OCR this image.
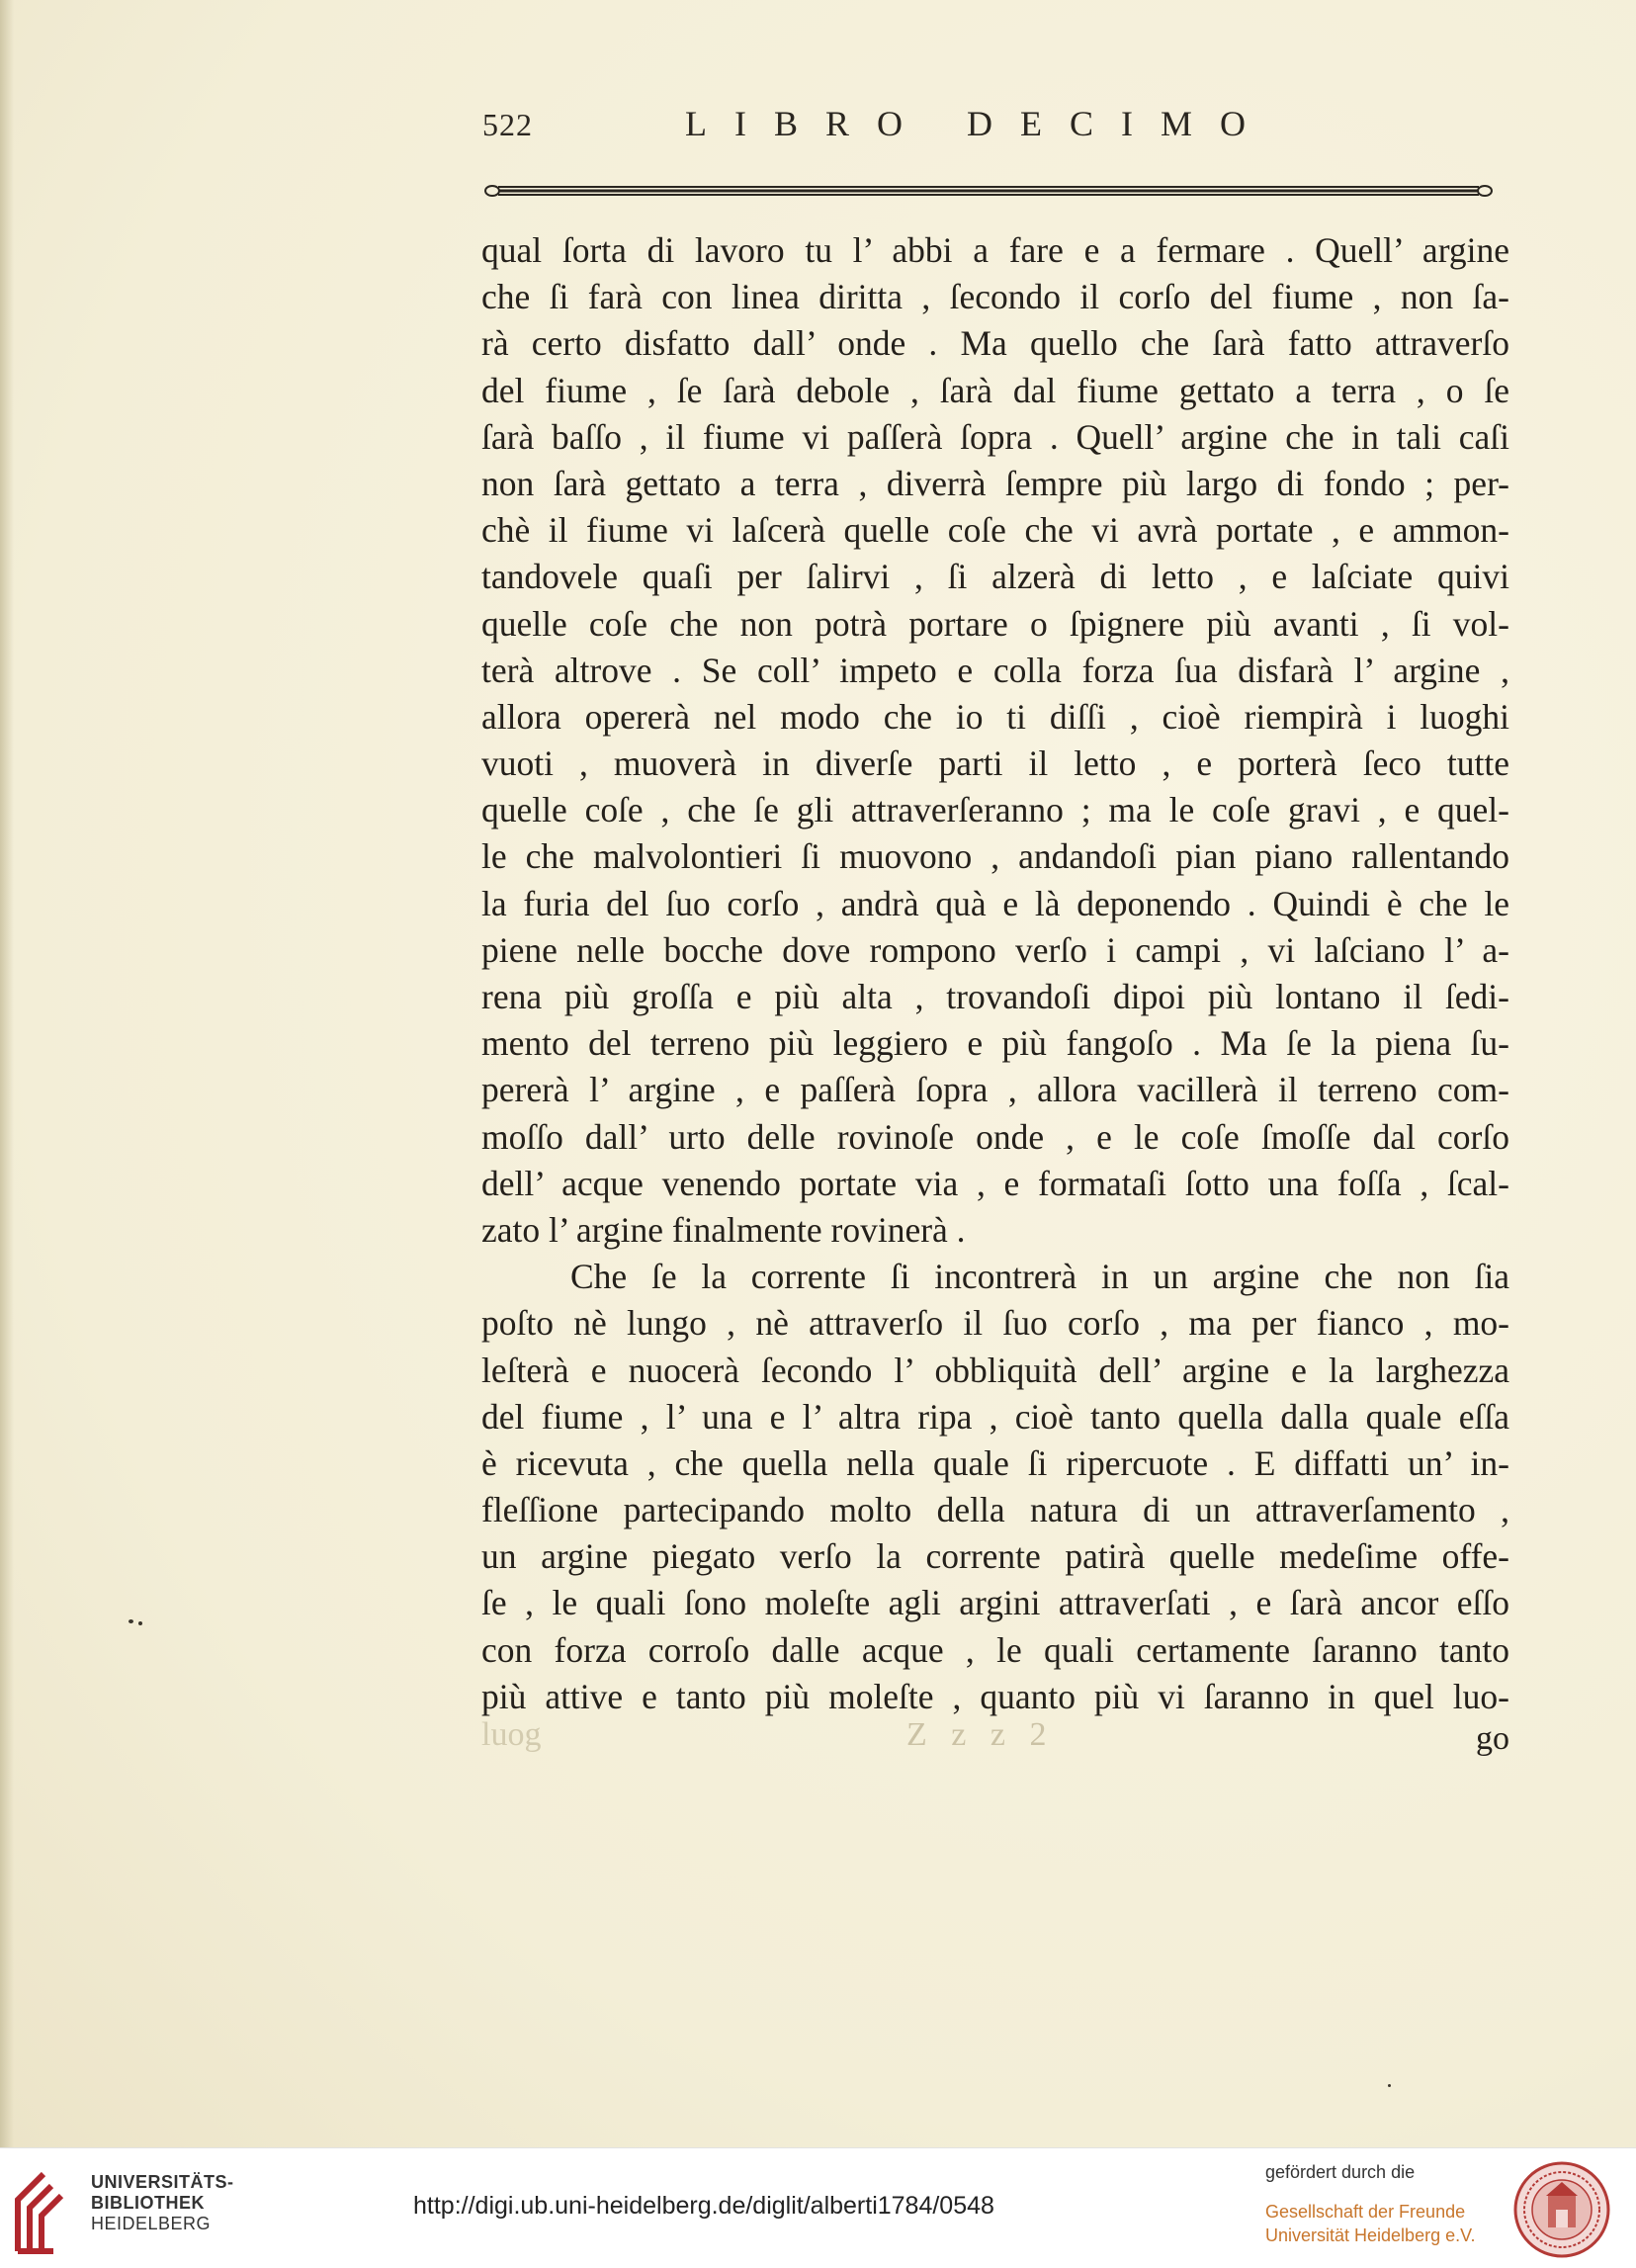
522	LIBRO DECIMO
qual ſorta di lavoro tu l’ abbi a fare e a fermare . Quell’ argine
che ſi farà con linea diritta , ſecondo il corſo del fiume , non ſa-
rà certo disfatto dall’ onde . Ma quello che ſarà fatto attraverſo
del fiume , ſe ſarà debole , ſarà dal fiume gettato a terra , o ſe
ſarà baſſo , il fiume vi paſſerà ſopra . Quell’ argine che in tali caſi
non ſarà gettato a terra , diverrà ſempre più largo di fondo ; per-
chè il fiume vi laſcerà quelle coſe che vi avrà portate , e ammon-
tandovele quaſi per ſalirvi , ſi alzerà di letto , e laſciate quivi
quelle coſe che non potrà portare o ſpignere più avanti , ſi vol-
terà altrove . Se coll’ impeto e colla forza ſua disfarà l’ argine ,
allora opererà nel modo che io ti diſſi , cioè riempirà i luoghi
vuoti , muoverà in diverſe parti il letto , e porterà ſeco tutte
quelle coſe , che ſe gli attraverſeranno ; ma le coſe gravi , e quel-
le che malvolontieri ſi muovono , andandoſi pian piano rallentando
la furia del ſuo corſo , andrà quà e là deponendo . Quindi è che le
piene nelle bocche dove rompono verſo i campi , vi laſciano l’ a-
rena più groſſa e più alta , trovandoſi dipoi più lontano il ſedi-
mento del terreno più leggiero e più fangoſo . Ma ſe la piena ſu-
pererà l’ argine , e paſſerà ſopra , allora vacillerà il terreno com-
moſſo dall’ urto delle rovinoſe onde , e le coſe ſmoſſe dal corſo
dell’ acque venendo portate via , e formataſi ſotto una foſſa , ſcal-
zato l’ argine finalmente rovinerà .
Che ſe la corrente ſi incontrerà in un argine che non ſia
poſto nè lungo , nè attraverſo il ſuo corſo , ma per fianco , mo-
leſterà e nuocerà ſecondo l’ obbliquità dell’ argine e la larghezza
del fiume , l’ una e l’ altra ripa , cioè tanto quella dalla quale eſſa
è ricevuta , che quella nella quale ſi ripercuote . E diffatti un’ in-
fleſſione partecipando molto della natura di un attraverſamento ,
un argine piegato verſo la corrente patirà quelle medeſime offe-
ſe , le quali ſono moleſte agli argini attraverſati , e ſarà ancor eſſo
con forza corroſo dalle acque , le quali certamente ſaranno tanto
più attive e tanto più moleſte , quanto più vi ſaranno in quel luo-
luog	Z z z 2	go
UNIVERSITÄTS-
BIBLIOTHEK
HEIDELBERG
http://digi.ub.uni-heidelberg.de/diglit/alberti1784/0548
gefördert durch die
Gesellschaft der Freunde
Universität Heidelberg e.V.
